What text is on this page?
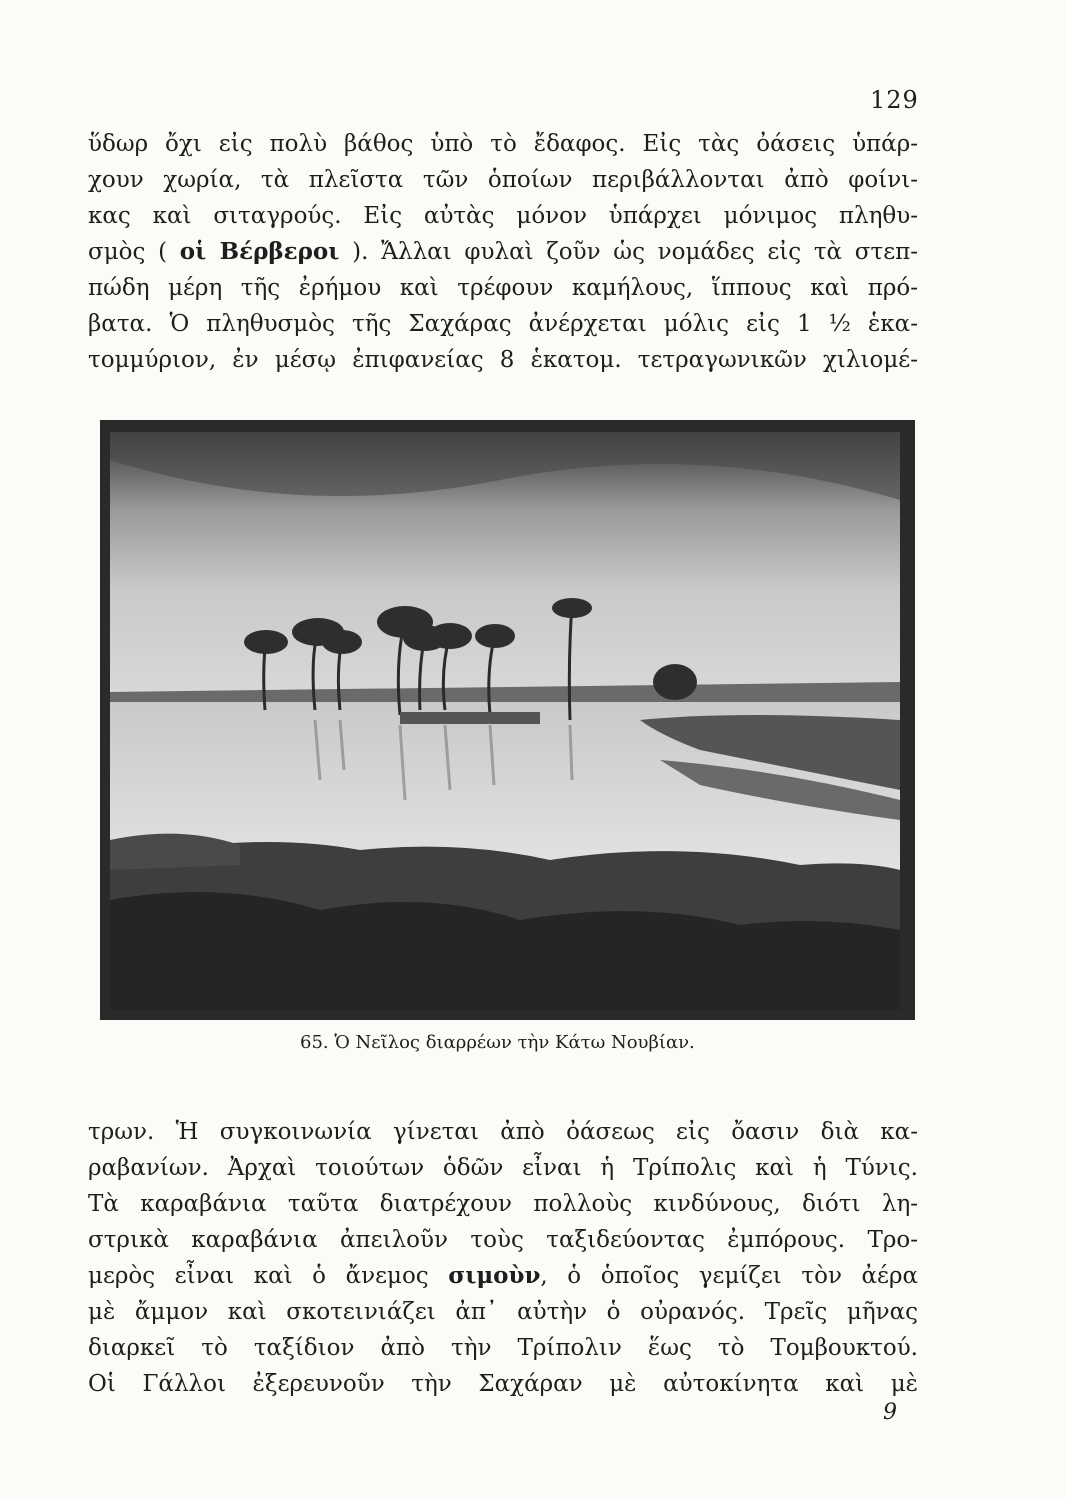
129
ὕδωρ ὄχι εἰς πολὺ βάθος ὑπὸ τὸ ἔδαφος. Εἰς τὰς ὀάσεις ὑπάρ-
χουν χωρία, τὰ πλεῖστα τῶν ὁποίων περιβάλλονται ἀπὸ φοίνι-
κας καὶ σιταγρούς. Εἰς αὐτὰς μόνον ὑπάρχει μόνιμος πληθυ-
σμὸς ( οἱ Βέρβεροι ). Ἄλλαι φυλαὶ ζοῦν ὡς νομάδες εἰς τὰ στεπ-
πώδη μέρη τῆς ἐρήμου καὶ τρέφουν καμήλους, ἵππους καὶ πρό-
βατα. Ὁ πληθυσμὸς τῆς Σαχάρας ἀνέρχεται μόλις εἰς 1 ½ ἑκα-
τομμύριον, ἐν μέσῳ ἐπιφανείας 8 ἑκατομ. τετραγωνικῶν χιλιομέ-
65. Ὁ Νεῖλος διαρρέων τὴν Κάτω Νουβίαν.
τρων. Ἡ συγκοινωνία γίνεται ἀπὸ ὀάσεως εἰς ὄασιν διὰ κα-
ραβανίων. Ἀρχαὶ τοιούτων ὁδῶν εἶναι ἡ Τρίπολις καὶ ἡ Τύνις.
Τὰ καραβάνια ταῦτα διατρέχουν πολλοὺς κινδύνους, διότι λη-
στρικὰ καραβάνια ἀπειλοῦν τοὺς ταξιδεύοντας ἐμπόρους. Τρο-
μερὸς εἶναι καὶ ὁ ἄνεμος σιμοὺν, ὁ ὁποῖος γεμίζει τὸν ἀέρα
μὲ ἄμμον καὶ σκοτεινιάζει ἀπ᾽ αὐτὴν ὁ οὐρανός. Τρεῖς μῆνας
διαρκεῖ τὸ ταξίδιον ἀπὸ τὴν Τρίπολιν ἕως τὸ Τομβουκτού.
Οἱ Γάλλοι ἐξερευνοῦν τὴν Σαχάραν μὲ αὐτοκίνητα καὶ μὲ
9
